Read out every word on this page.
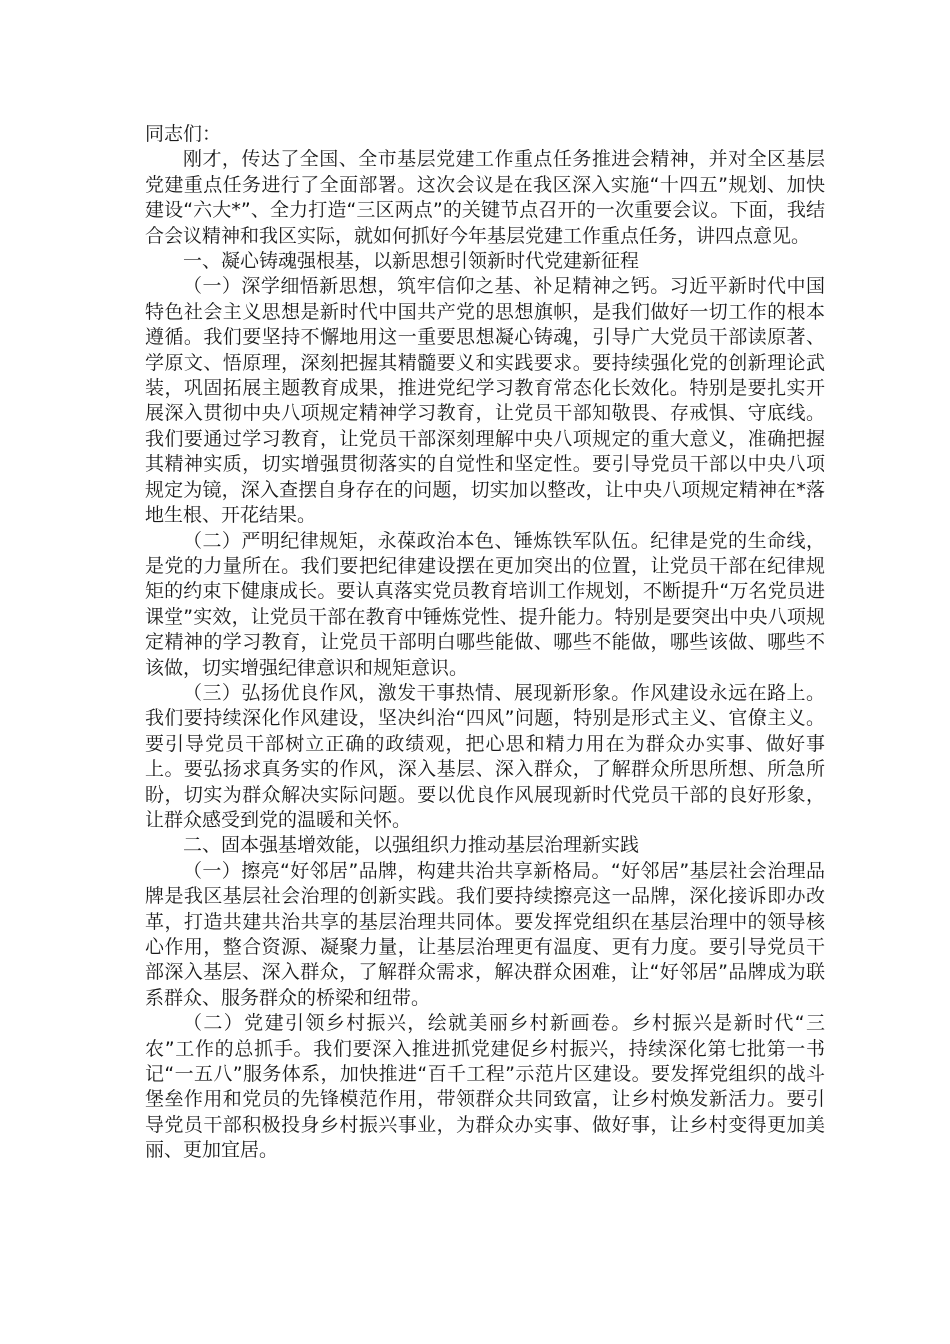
同志们：

刚才，传达了全国、全市基层党建工作重点任务推进会精神，并对全区基层党建重点任务进行了全面部署。这次会议是在我区深入实施“十四五”规划、加快建设“六大*”、全力打造“三区两点”的关键节点召开的一次重要会议。下面，我结合会议精神和我区实际，就如何抓好今年基层党建工作重点任务，讲四点意见。

一、凝心铸魂强根基，以新思想引领新时代党建新征程

（一）深学细悟新思想，筑牢信仰之基、补足精神之钙。习近平新时代中国特色社会主义思想是新时代中国共产党的思想旗帜，是我们做好一切工作的根本遵循。我们要坚持不懈地用这一重要思想凝心铸魂，引导广大党员干部读原著、学原文、悟原理，深刻把握其精髓要义和实践要求。要持续强化党的创新理论武装，巩固拓展主题教育成果，推进党纪学习教育常态化长效化。特别是要扎实开展深入贯彻中央八项规定精神学习教育，让党员干部知敬畏、存戒惧、守底线。我们要通过学习教育，让党员干部深刻理解中央八项规定的重大意义，准确把握其精神实质，切实增强贯彻落实的自觉性和坚定性。要引导党员干部以中央八项规定为镜，深入查摆自身存在的问题，切实加以整改，让中央八项规定精神在*落地生根、开花结果。

（二）严明纪律规矩，永葆政治本色、锤炼铁军队伍。纪律是党的生命线，是党的力量所在。我们要把纪律建设摆在更加突出的位置，让党员干部在纪律规矩的约束下健康成长。要认真落实党员教育培训工作规划，不断提升“万名党员进课堂”实效，让党员干部在教育中锤炼党性、提升能力。特别是要突出中央八项规定精神的学习教育，让党员干部明白哪些能做、哪些不能做，哪些该做、哪些不该做，切实增强纪律意识和规矩意识。

（三）弘扬优良作风，激发干事热情、展现新形象。作风建设永远在路上。我们要持续深化作风建设，坚决纠治“四风”问题，特别是形式主义、官僚主义。要引导党员干部树立正确的政绩观，把心思和精力用在为群众办实事、做好事上。要弘扬求真务实的作风，深入基层、深入群众，了解群众所思所想、所急所盼，切实为群众解决实际问题。要以优良作风展现新时代党员干部的良好形象，让群众感受到党的温暖和关怀。

二、固本强基增效能，以强组织力推动基层治理新实践

（一）擦亮“好邻居”品牌，构建共治共享新格局。“好邻居”基层社会治理品牌是我区基层社会治理的创新实践。我们要持续擦亮这一品牌，深化接诉即办改革，打造共建共治共享的基层治理共同体。要发挥党组织在基层治理中的领导核心作用，整合资源、凝聚力量，让基层治理更有温度、更有力度。要引导党员干部深入基层、深入群众，了解群众需求，解决群众困难，让“好邻居”品牌成为联系群众、服务群众的桥梁和纽带。

（二）党建引领乡村振兴，绘就美丽乡村新画卷。乡村振兴是新时代“三农”工作的总抓手。我们要深入推进抓党建促乡村振兴，持续深化第七批第一书记“一五八”服务体系，加快推进“百千工程”示范片区建设。要发挥党组织的战斗堡垒作用和党员的先锋模范作用，带领群众共同致富，让乡村焕发新活力。要引导党员干部积极投身乡村振兴事业，为群众办实事、做好事，让乡村变得更加美丽、更加宜居。
